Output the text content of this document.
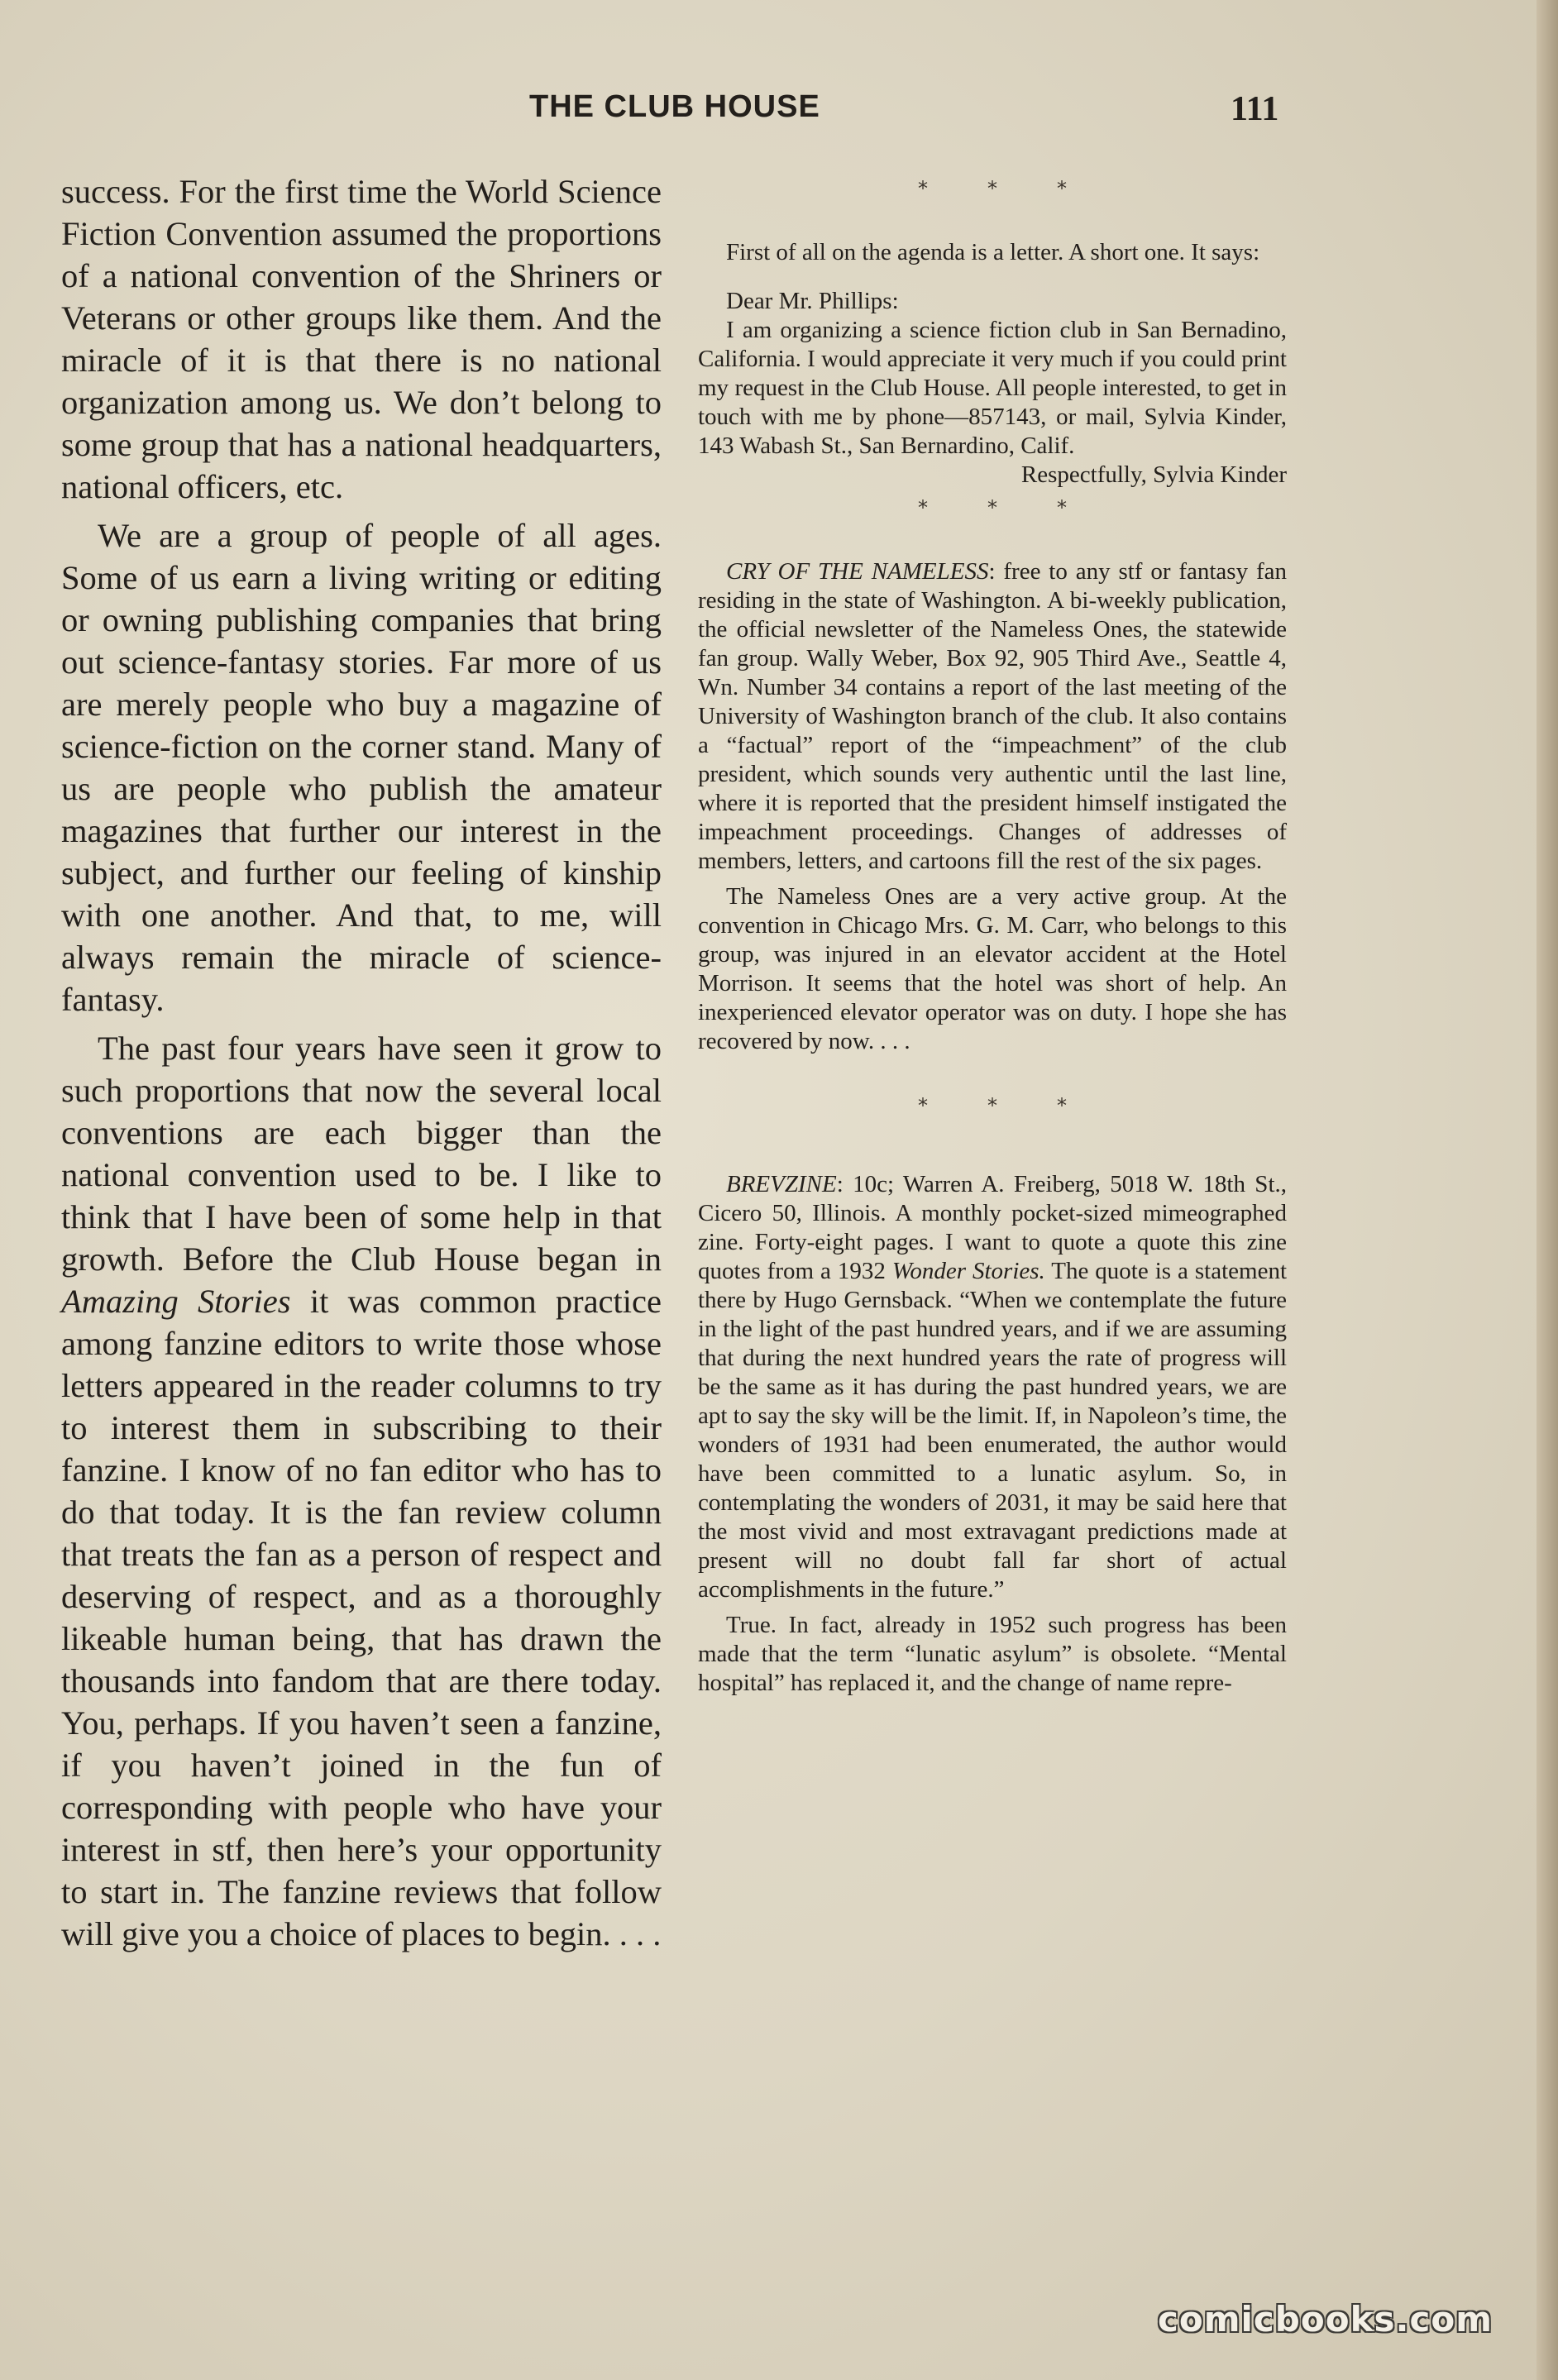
THE CLUB HOUSE	111

success. For the first time the World Science Fiction Convention assumed the proportions of a national convention of the Shriners or Veterans or other groups like them. And the miracle of it is that there is no national organization among us. We don’t belong to some group that has a national headquarters, national officers, etc.

We are a group of people of all ages. Some of us earn a living writing or editing or owning publishing companies that bring out science-fantasy stories. Far more of us are merely people who buy a magazine of science-fiction on the corner stand. Many of us are people who publish the amateur magazines that further our interest in the subject, and further our feeling of kinship with one another. And that, to me, will always remain the miracle of science-fantasy.

The past four years have seen it grow to such proportions that now the several local conventions are each bigger than the national convention used to be. I like to think that I have been of some help in that growth. Before the Club House began in Amazing Stories it was common practice among fanzine editors to write those whose letters appeared in the reader columns to try to interest them in subscribing to their fanzine. I know of no fan editor who has to do that today. It is the fan review column that treats the fan as a person of respect and deserving of respect, and as a thoroughly likeable human being, that has drawn the thousands into fandom that are there today. You, perhaps. If you haven’t seen a fanzine, if you haven’t joined in the fun of corresponding with people who have your interest in stf, then here’s your opportunity to start in. The fanzine reviews that follow will give you a choice of places to begin. . . .

*   *   *

First of all on the agenda is a letter. A short one. It says:

Dear Mr. Phillips:

I am organizing a science fiction club in San Bernadino, California. I would appreciate it very much if you could print my request in the Club House. All people interested, to get in touch with me by phone—857143, or mail, Sylvia Kinder, 143 Wabash St., San Bernardino, Calif.

Respectfully, Sylvia Kinder
*   *   *

CRY OF THE NAMELESS: free to any stf or fantasy fan residing in the state of Washington. A bi-weekly publication, the official newsletter of the Nameless Ones, the statewide fan group. Wally Weber, Box 92, 905 Third Ave., Seattle 4, Wn. Number 34 contains a report of the last meeting of the University of Washington branch of the club. It also contains a “factual” report of the “impeachment” of the club president, which sounds very authentic until the last line, where it is reported that the president himself instigated the impeachment proceedings. Changes of addresses of members, letters, and cartoons fill the rest of the six pages.

The Nameless Ones are a very active group. At the convention in Chicago Mrs. G. M. Carr, who belongs to this group, was injured in an elevator accident at the Hotel Morrison. It seems that the hotel was short of help. An inexperienced elevator operator was on duty. I hope she has recovered by now. . . .

*   *   *

BREVZINE: 10c; Warren A. Freiberg, 5018 W. 18th St., Cicero 50, Illinois. A monthly pocket-sized mimeographed zine. Forty-eight pages. I want to quote a quote this zine quotes from a 1932 Wonder Stories. The quote is a statement there by Hugo Gernsback. “When we contemplate the future in the light of the past hundred years, and if we are assuming that during the next hundred years the rate of progress will be the same as it has during the past hundred years, we are apt to say the sky will be the limit. If, in Napoleon’s time, the wonders of 1931 had been enumerated, the author would have been committed to a lunatic asylum. So, in contemplating the wonders of 2031, it may be said here that the most vivid and most extravagant predictions made at present will no doubt fall far short of actual accomplishments in the future.”

True. In fact, already in 1952 such progress has been made that the term “lunatic asylum” is obsolete. “Mental hospital” has replaced it, and the change of name repre-

comicbooks.com
